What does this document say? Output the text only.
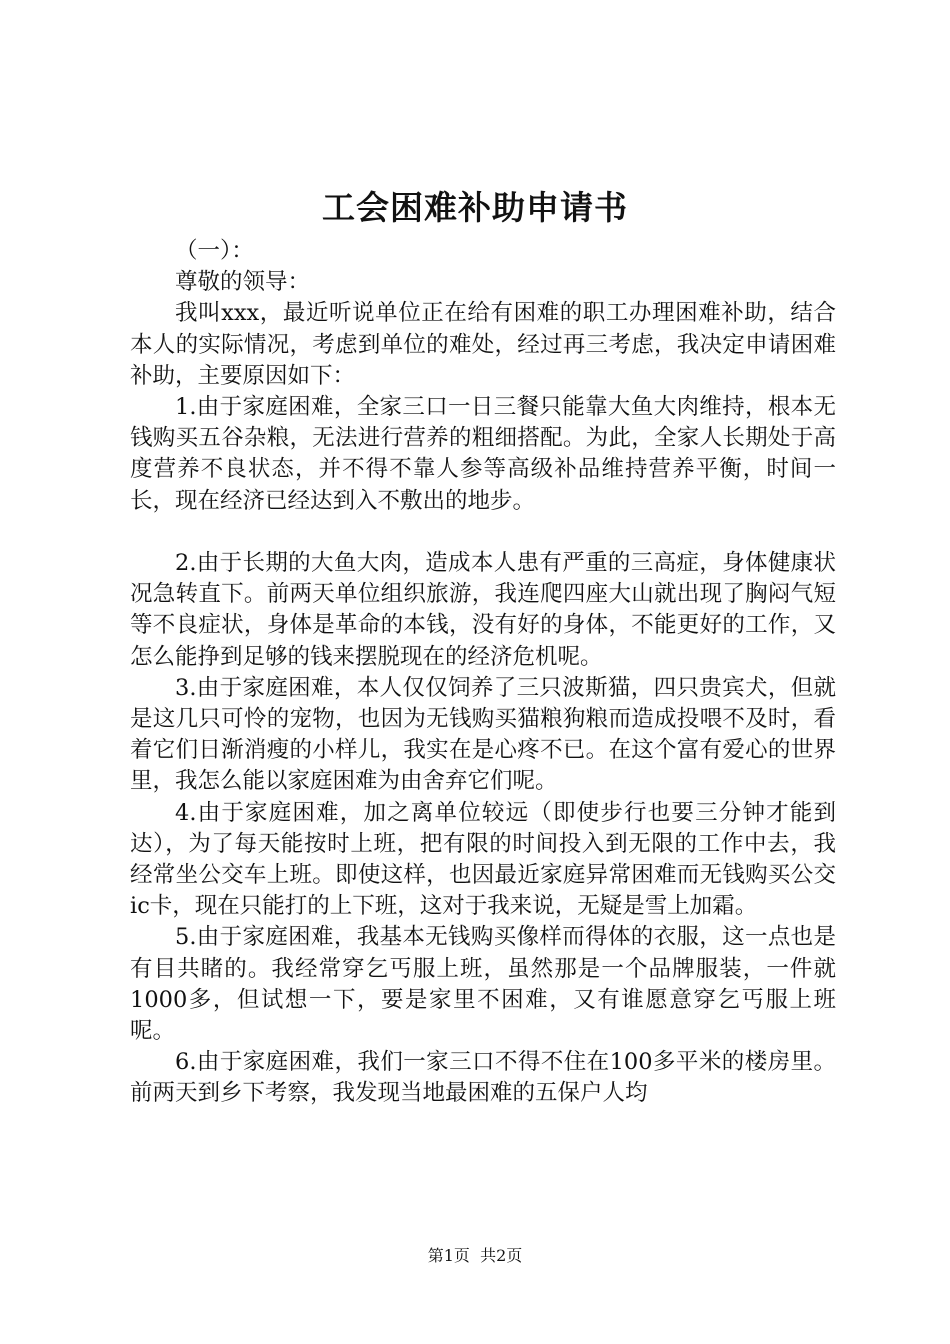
工会困难补助申请书

（一）：

尊敬的领导：

我叫xxx，最近听说单位正在给有困难的职工办理困难补助，结合本人的实际情况，考虑到单位的难处，经过再三考虑，我决定申请困难补助，主要原因如下：

1.由于家庭困难，全家三口一日三餐只能靠大鱼大肉维持，根本无钱购买五谷杂粮，无法进行营养的粗细搭配。为此，全家人长期处于高度营养不良状态，并不得不靠人参等高级补品维持营养平衡，时间一长，现在经济已经达到入不敷出的地步。

2.由于长期的大鱼大肉，造成本人患有严重的三高症，身体健康状况急转直下。前两天单位组织旅游，我连爬四座大山就出现了胸闷气短等不良症状，身体是革命的本钱，没有好的身体，不能更好的工作，又怎么能挣到足够的钱来摆脱现在的经济危机呢。

3.由于家庭困难，本人仅仅饲养了三只波斯猫，四只贵宾犬，但就是这几只可怜的宠物，也因为无钱购买猫粮狗粮而造成投喂不及时，看着它们日渐消瘦的小样儿，我实在是心疼不已。在这个富有爱心的世界里，我怎么能以家庭困难为由舍弃它们呢。

4.由于家庭困难，加之离单位较远（即使步行也要三分钟才能到达），为了每天能按时上班，把有限的时间投入到无限的工作中去，我经常坐公交车上班。即使这样，也因最近家庭异常困难而无钱购买公交ic卡，现在只能打的上下班，这对于我来说，无疑是雪上加霜。

5.由于家庭困难，我基本无钱购买像样而得体的衣服，这一点也是有目共睹的。我经常穿乞丐服上班，虽然那是一个品牌服装，一件就1000多，但试想一下，要是家里不困难，又有谁愿意穿乞丐服上班呢。

6.由于家庭困难，我们一家三口不得不住在100多平米的楼房里。前两天到乡下考察，我发现当地最困难的五保户人均

第1页 共2页
